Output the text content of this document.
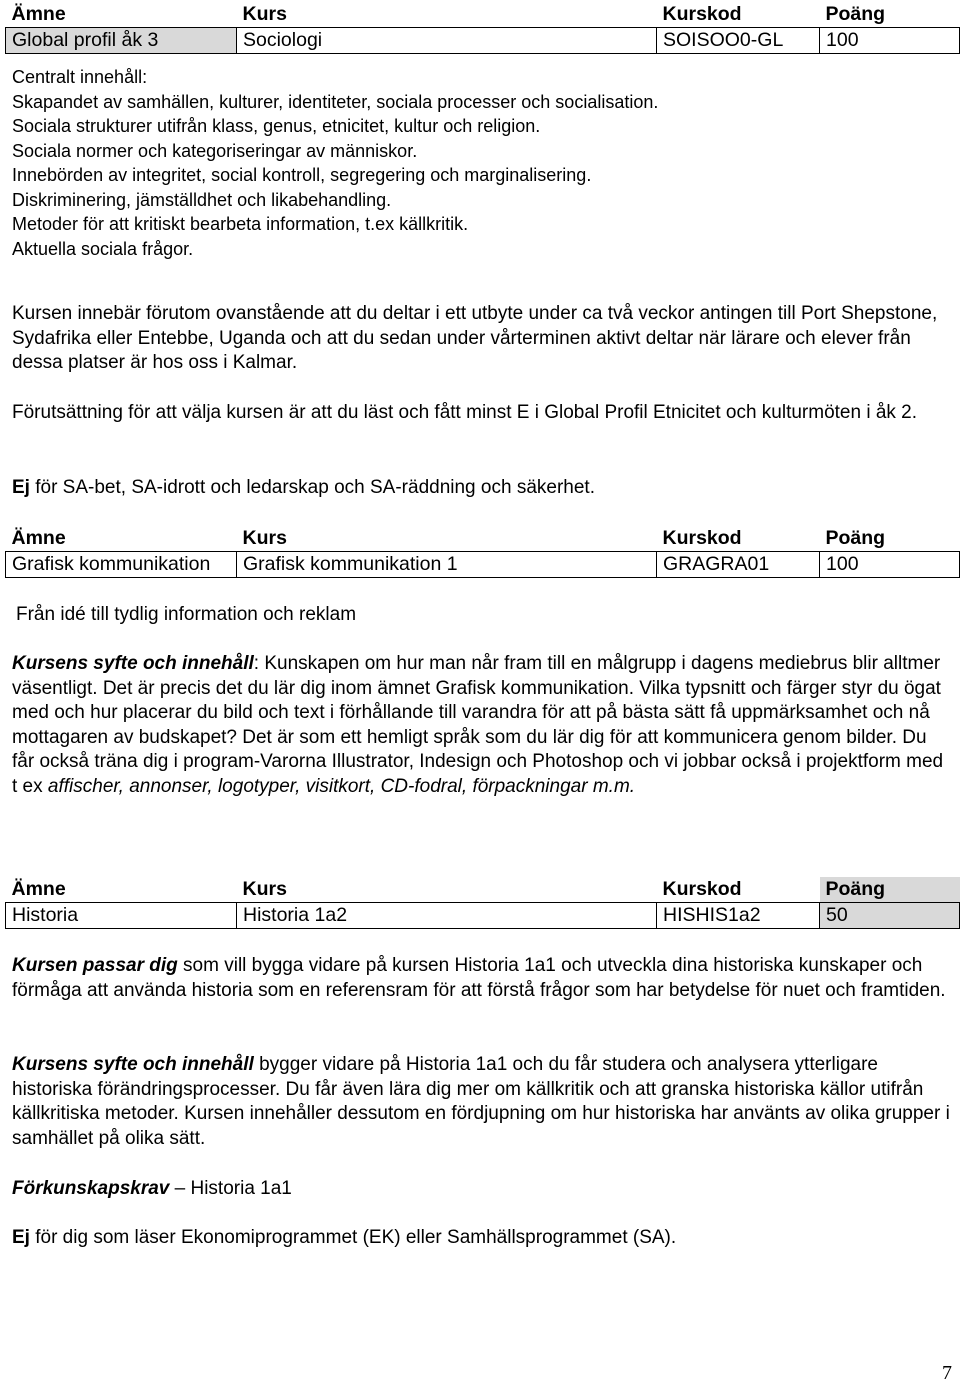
Ämne	Kurs	Kurskod	Poäng
Global profil åk 3	Sociologi	SOISOO0-GL	100

Centralt innehåll:

Skapandet av samhällen, kulturer, identiteter, sociala processer och socialisation.

Sociala strukturer utifrån klass, genus, etnicitet, kultur och religion.

Sociala normer och kategoriseringar av människor.

Innebörden av integritet, social kontroll, segregering och marginalisering.

Diskriminering, jämställdhet och likabehandling.

Metoder för att kritiskt bearbeta information, t.ex källkritik.

Aktuella sociala frågor.

Kursen innebär förutom ovanstående att du deltar i ett utbyte under ca två veckor antingen till Port Shepstone, Sydafrika eller Entebbe, Uganda och att du sedan under vårterminen aktivt deltar när lärare och elever från dessa platser är hos oss i Kalmar.

Förutsättning för att välja kursen är att du läst och fått minst E i Global Profil Etnicitet och kulturmöten i åk 2.

Ej för SA-bet, SA-idrott och ledarskap och SA-räddning och säkerhet.

Ämne	Kurs	Kurskod	Poäng
Grafisk kommunikation	Grafisk kommunikation 1	GRAGRA01	100

Från idé till tydlig information och reklam

Kursens syfte och innehåll: Kunskapen om hur man når fram till en målgrupp i dagens mediebrus blir alltmer väsentligt. Det är precis det du lär dig inom ämnet Grafisk kommunikation. Vilka typsnitt och färger styr du ögat med och hur placerar du bild och text i förhållande till varandra för att på bästa sätt få uppmärksamhet och nå mottagaren av budskapet? Det är som ett hemligt språk som du lär dig för att kommunicera genom bilder. Du får också träna dig i program-Varorna Illustrator, Indesign och Photoshop och vi jobbar också i projektform med t ex affischer, annonser, logotyper, visitkort, CD-fodral, förpackningar m.m.

Ämne	Kurs	Kurskod	Poäng
Historia	Historia 1a2	HISHIS1a2	50

Kursen passar dig som vill bygga vidare på kursen Historia 1a1 och utveckla dina historiska kunskaper och förmåga att använda historia som en referensram för att förstå frågor som har betydelse för nuet och framtiden.

Kursens syfte och innehåll bygger vidare på Historia 1a1 och du får studera och analysera ytterligare historiska förändringsprocesser. Du får även lära dig mer om källkritik och att granska historiska källor utifrån källkritiska metoder. Kursen innehåller dessutom en fördjupning om hur historiska har använts av olika grupper i samhället på olika sätt.

Förkunskapskrav – Historia 1a1

Ej för dig som läser Ekonomiprogrammet (EK) eller Samhällsprogrammet (SA).

7
